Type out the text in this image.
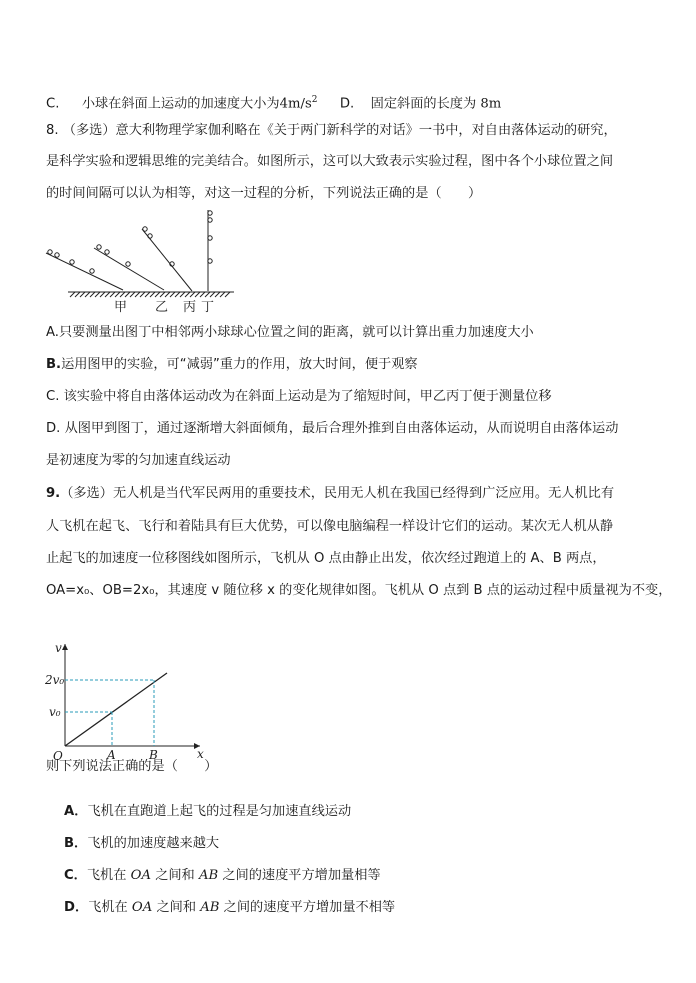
C. 小球在斜面上运动的加速度大小为$4m/s^2$ D. 固定斜面的长度为 8m
8. （多选）意大利物理学家伽利略在《关于两门新科学的对话》一书中，对自由落体运动的研究，
是科学实验和逻辑思维的完美结合。如图所示，这可以大致表示实验过程，图中各个小球位置之间
的时间间隔可以认为相等，对这一过程的分析，下列说法正确的是（　　）
甲 乙 丙 丁
A.只要测量出图丁中相邻两小球球心位置之间的距离，就可以计算出重力加速度大小
B.运用图甲的实验，可“减弱”重力的作用，放大时间，便于观察
C. 该实验中将自由落体运动改为在斜面上运动是为了缩短时间，甲乙丙丁便于测量位移
D. 从图甲到图丁，通过逐渐增大斜面倾角，最后合理外推到自由落体运动，从而说明自由落体运动
是初速度为零的匀加速直线运动
9.（多选）无人机是当代军民两用的重要技术，民用无人机在我国已经得到广泛应用。无人机比有
人飞机在起飞、飞行和着陆具有巨大优势，可以像电脑编程一样设计它们的运动。某次无人机从静
止起飞的加速度一位移图线如图所示，飞机从 O 点由静止出发，依次经过跑道上的 A、B 两点，
OA=x₀、OB=2x₀，其速度 v 随位移 x 的变化规律如图。飞机从 O 点到 B 点的运动过程中质量视为不变，
v
x
O
2v₀
v₀
A	B
则下列说法正确的是（　　）
A．飞机在直跑道上起飞的过程是匀加速直线运动
B．飞机的加速度越来越大
C．飞机在 OA 之间和 AB 之间的速度平方增加量相等
D．飞机在 OA 之间和 AB 之间的速度平方增加量不相等
